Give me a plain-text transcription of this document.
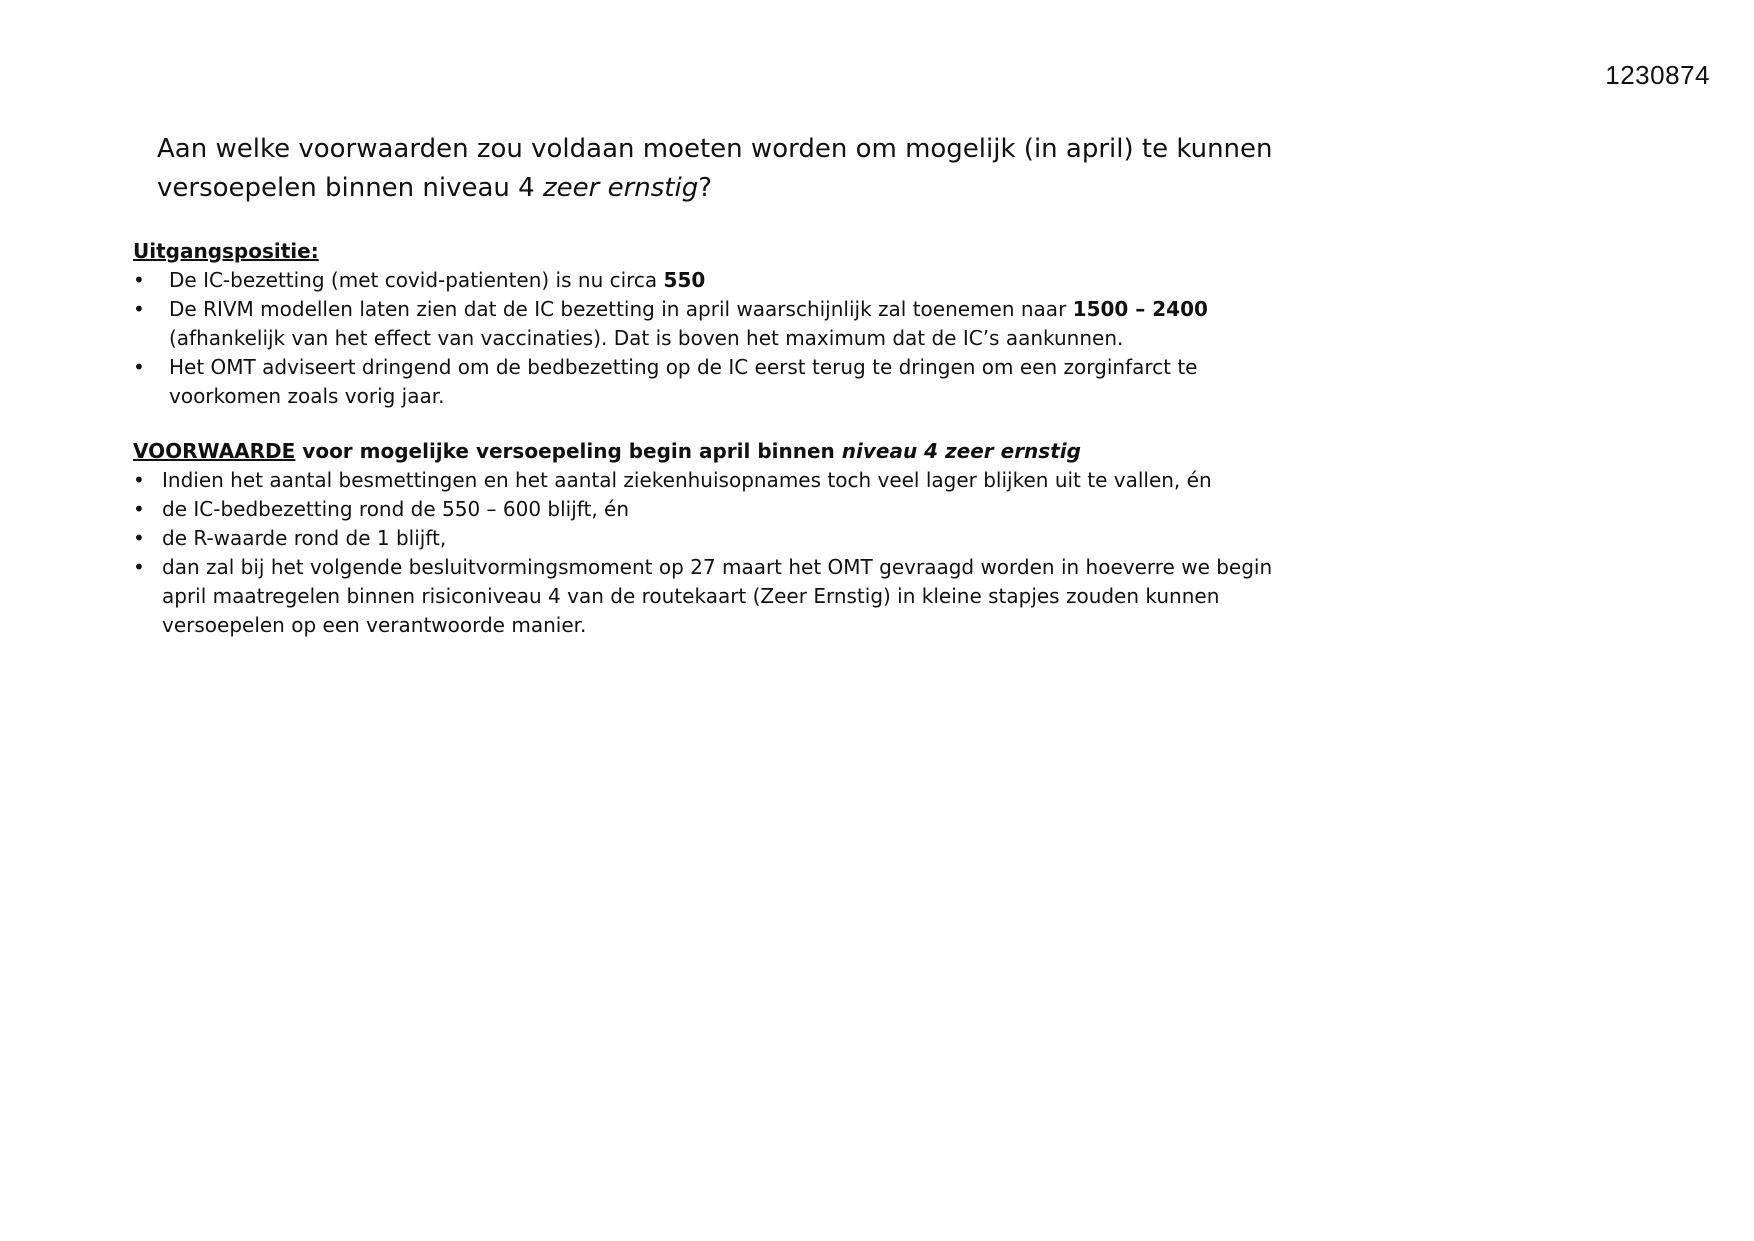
1230874
Aan welke voorwaarden zou voldaan moeten worden om mogelijk (in april) te kunnen versoepelen binnen niveau 4 zeer ernstig?

Uitgangspositie:

• De IC-bezetting (met covid-patienten) is nu circa 550
• De RIVM modellen laten zien dat de IC bezetting in april waarschijnlijk zal toenemen naar 1500 – 2400 (afhankelijk van het effect van vaccinaties). Dat is boven het maximum dat de IC’s aankunnen.
• Het OMT adviseert dringend om de bedbezetting op de IC eerst terug te dringen om een zorginfarct te voorkomen zoals vorig jaar.

VOORWAARDE voor mogelijke versoepeling begin april binnen niveau 4 zeer ernstig

• Indien het aantal besmettingen en het aantal ziekenhuisopnames toch veel lager blijken uit te vallen, én
• de IC-bedbezetting rond de 550 – 600 blijft, én
• de R-waarde rond de 1 blijft,
• dan zal bij het volgende besluitvormingsmoment op 27 maart het OMT gevraagd worden in hoeverre we begin april maatregelen binnen risiconiveau 4 van de routekaart (Zeer Ernstig) in kleine stapjes zouden kunnen versoepelen op een verantwoorde manier.
